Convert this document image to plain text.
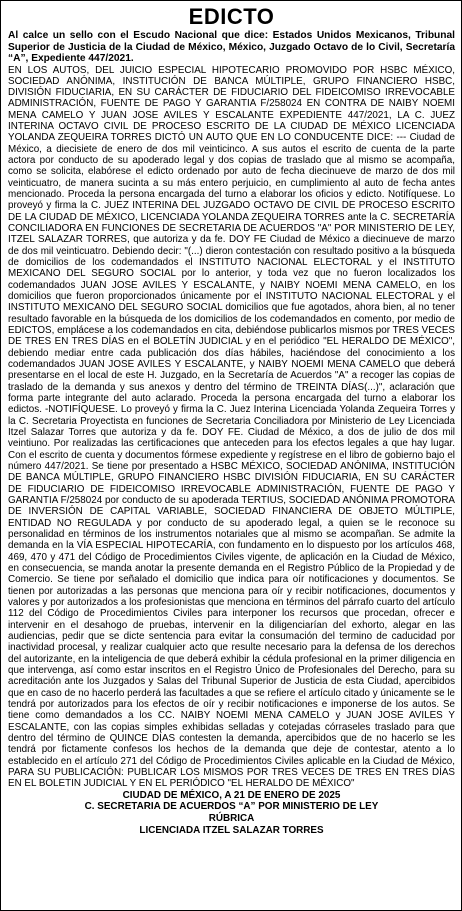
EDICTO

Al calce un sello con el Escudo Nacional que dice: Estados Unidos Mexicanos, Tribunal Superior de Justicia de la Ciudad de México, México, Juzgado Octavo de lo Civil, Secretaría “A”, Expediente 447/2021.

EN LOS AUTOS, DEL JUICIO ESPECIAL HIPOTECARIO PROMOVIDO POR HSBC MÉXICO, SOCIEDAD ANÓNIMA, INSTITUCIÓN DE BANCA MÚLTIPLE, GRUPO FINANCIERO HSBC, DIVISIÓN FIDUCIARIA, EN SU CARÁCTER DE FIDUCIARIO DEL FIDEICOMISO IRREVOCABLE ADMINISTRACIÓN, FUENTE DE PAGO Y GARANTIA F/258024 EN CONTRA DE NAIBY NOEMI MENA CAMELO Y JUAN JOSE AVILES Y ESCALANTE EXPEDIENTE 447/2021, LA C. JUEZ INTERINA OCTAVO CIVIL DE PROCESO ESCRITO DE LA CIUDAD DE MÉXICO LICENCIADA YOLANDA ZEQUEIRA TORRES DICTÓ UN AUTO QUE EN LO CONDUCENTE DICE: --- Ciudad de México, a diecisiete de enero de dos mil veinticinco. A sus autos el escrito de cuenta de la parte actora por conducto de su apoderado legal y dos copias de traslado que al mismo se acompaña, como se solicita, elabórese el edicto ordenado por auto de fecha diecinueve de marzo de dos mil veinticuatro, de manera sucinta a su más entero perjuicio, en cumplimiento al auto de fecha antes mencionado. Proceda la persona encargada del turno a elaborar los oficios y edicto. Notifíquese. Lo proveyó y firma la C. JUEZ INTERINA DEL JUZGADO OCTAVO DE CIVIL DE PROCESO ESCRITO DE LA CIUDAD DE MÉXICO, LICENCIADA YOLANDA ZEQUEIRA TORRES ante la C. SECRETARÍA CONCILIADORA EN FUNCIONES DE SECRETARIA DE ACUERDOS "A" POR MINISTERIO DE LEY, ITZEL SALAZAR TORRES, que autoriza y da fe. DOY FE Ciudad de México a diecinueve de marzo de dos mil veinticuatro. Debiendo decir: "(...) dieron contestación con resultado positivo a la búsqueda de domicilios de los codemandados el INSTITUTO NACIONAL ELECTORAL y el INSTITUTO MEXICANO DEL SEGURO SOCIAL por lo anterior, y toda vez que no fueron localizados los codemandados JUAN JOSE AVILES Y ESCALANTE, y NAIBY NOEMI MENA CAMELO, en los domicilios que fueron proporcionados únicamente por el INSTITUTO NACIONAL ELECTORAL y el INSTITUTO MEXICANO DEL SEGURO SOCIAL domicilios que fue agotados, ahora bien, al no tener resultado favorable en la búsqueda de los domicilios de los codemandados en comento, por medio de EDICTOS, emplácese a los codemandados en cita, debiéndose publicarlos mismos por TRES VECES DE TRES EN TRES DÍAS en el BOLETÍN JUDICIAL y en el periódico "EL HERALDO DE MÉXICO", debiendo mediar entre cada publicación dos días hábiles, haciéndose del conocimiento a los codemandados JUAN JOSE AVILES Y ESCALANTE, y NAIBY NOEMI MENA CAMELO que deberá presentarse en el local de este H. Juzgado, en la Secretaría de Acuerdos "A" a recoger las copias de traslado de la demanda y sus anexos y dentro del término de TREINTA DÍAS(...)", aclaración que forma parte integrante del auto aclarado. Proceda la persona encargada del turno a elaborar los edictos. -NOTIFÍQUESE. Lo proveyó y firma la C. Juez Interina Licenciada Yolanda Zequeira Torres y la C. Secretaria Proyectista en funciones de Secretaria Conciliadora por Ministerio de Ley Licenciada Itzel Salazar Torres que autoriza y da fe. DOY FE. Ciudad de México, a dos de julio de dos mil veintiuno. Por realizadas las certificaciones que anteceden para los efectos legales a que hay lugar. Con el escrito de cuenta y documentos fórmese expediente y regístrese en el libro de gobierno bajo el número 447/2021. Se tiene por presentado a HSBC MÉXICO, SOCIEDAD ANÓNIMA, INSTITUCIÓN DE BANCA MÚLTIPLE, GRUPO FINANCIERO HSBC DIVISIÓN FIDUCIARIA, EN SU CARÁCTER DE FIDUCIARIO DE FIDEICOMISO IRREVOCABLE ADMINISTRACIÓN, FUENTE DE PAGO Y GARANTIA F/258024 por conducto de su apoderada TERTIUS, SOCIEDAD ANÓNIMA PROMOTORA DE INVERSIÓN DE CAPITAL VARIABLE, SOCIEDAD FINANCIERA DE OBJETO MÚLTIPLE, ENTIDAD NO REGULADA y por conducto de su apoderado legal, a quien se le reconoce su personalidad en términos de los instrumentos notariales que al mismo se acompañan. Se admite la demanda en la VÍA ESPECIAL HIPOTECARÍA, con fundamento en lo dispuesto por los artículos 468, 469, 470 y 471 del Código de Procedimientos Civiles vigente, de aplicación en la Ciudad de México, en consecuencia, se manda anotar la presente demanda en el Registro Público de la Propiedad y de Comercio. Se tiene por señalado el domicilio que indica para oír notificaciones y documentos. Se tienen por autorizadas a las personas que menciona para oír y recibir notificaciones, documentos y valores y por autorizados a los profesionistas que menciona en términos del párrafo cuarto del artículo 112 del Código de Procedimientos Civiles para interponer los recursos que procedan, ofrecer e intervenir en el desahogo de pruebas, intervenir en la diligenciarían del exhorto, alegar en las audiencias, pedir que se dicte sentencia para evitar la consumación del termino de caducidad por inactividad procesal, y realizar cualquier acto que resulte necesario para la defensa de los derechos del autorizante, en la inteligencia de que deberá exhibir la cédula profesional en la primer diligencia en que intervenga, así como estar inscritos en el Registro Único de Profesionales del Derecho, para su acreditación ante los Juzgados y Salas del Tribunal Superior de Justicia de esta Ciudad, apercibidos que en caso de no hacerlo perderá las facultades a que se refiere el artículo citado y únicamente se le tendrá por autorizados para los efectos de oír y recibir notificaciones e imponerse de los autos. Se tiene como demandados a los CC. NAIBY NOEMI MENA CAMELO y JUAN JOSE AVILES Y ESCALANTE, con las copias simples exhibidas selladas y cotejadas córraseles traslado para que dentro del término de QUINCE DÍAS contesten la demanda, apercibidos que de no hacerlo se les tendrá por fictamente confesos los hechos de la demanda que deje de contestar, atento a lo establecido en el artículo 271 del Código de Procedimientos Civiles aplicable en la Ciudad de México, PARA SU PUBLICACIÓN: PUBLICAR LOS MISMOS POR TRES VECES DE TRES EN TRES DÍAS EN EL BOLETIN JUDICIAL Y EN EL PERIÓDICO "EL HERALDO DE MÉXICO"

CIUDAD DE MÉXICO, A 21 DE ENERO DE 2025
C. SECRETARIA DE ACUERDOS “A” POR MINISTERIO DE LEY
RÚBRICA
LICENCIADA ITZEL SALAZAR TORRES
